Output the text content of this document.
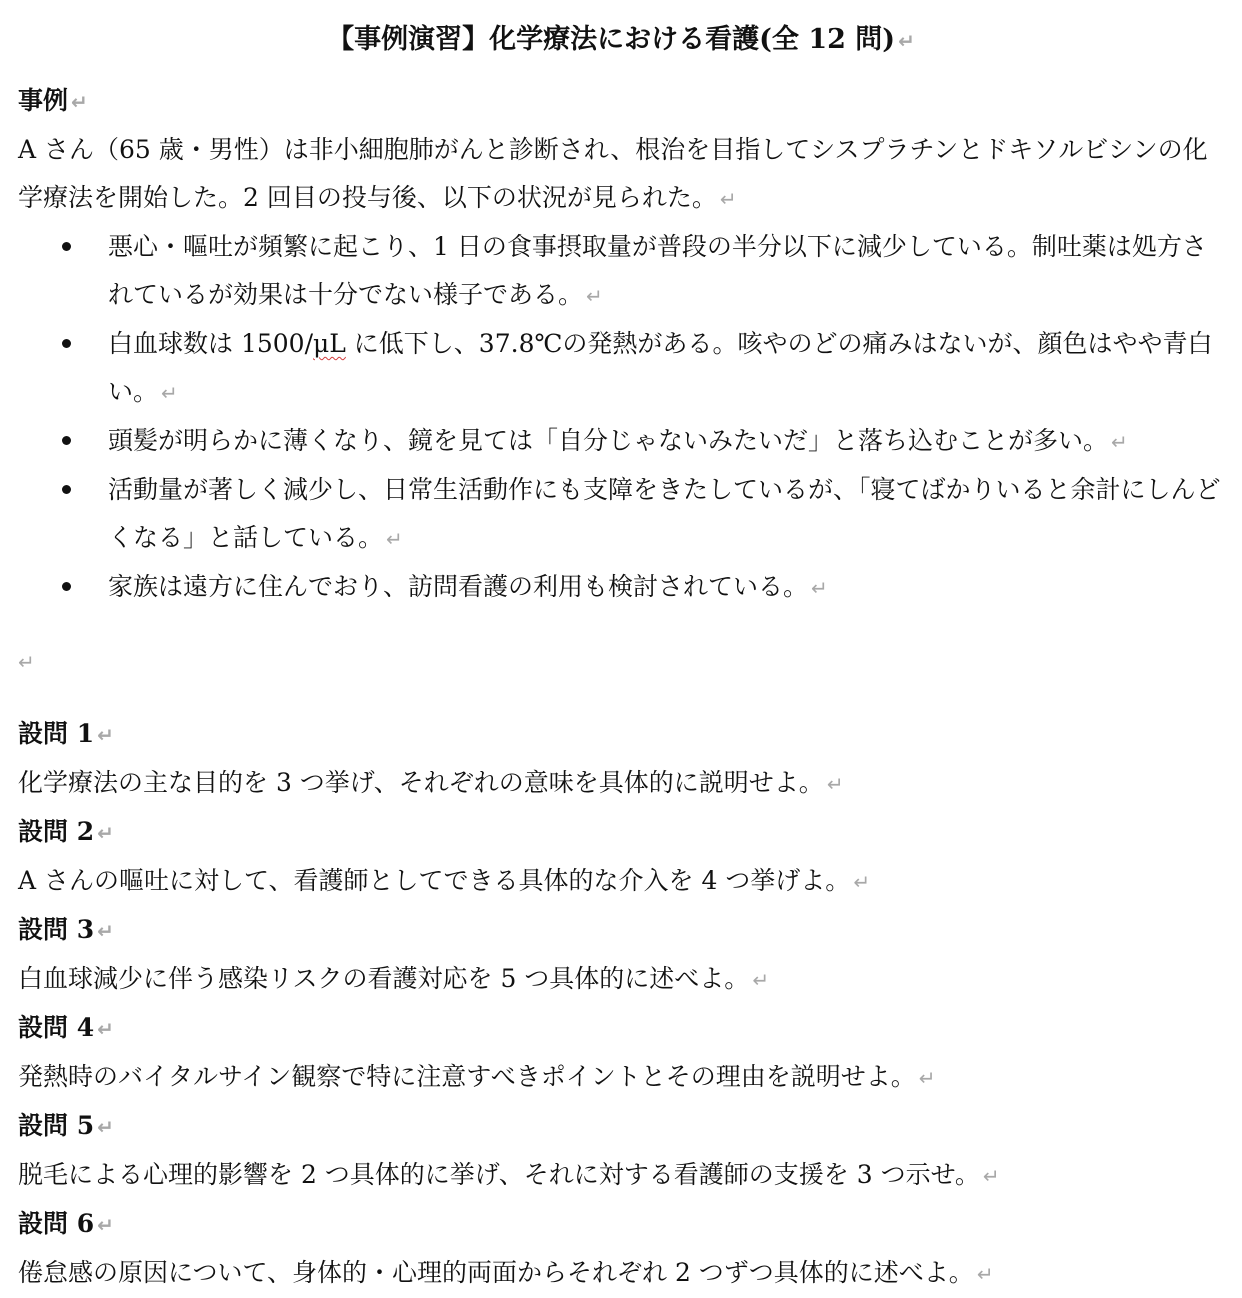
【事例演習】化学療法における看護(全 12 問) ↵

事例 ↵

A さん（65 歳・男性）は非小細胞肺がんと診断され、根治を目指してシスプラチンとドキソルビシンの化学療法を開始した。2 回目の投与後、以下の状況が見られた。 ↵

悪心・嘔吐が頻繁に起こり、1 日の食事摂取量が普段の半分以下に減少している。制吐薬は処方されているが効果は十分でない様子である。 ↵
白血球数は 1500/μL に低下し、37.8℃の発熱がある。咳やのどの痛みはないが、顔色はやや青白い。 ↵
頭髪が明らかに薄くなり、鏡を見ては「自分じゃないみたいだ」と落ち込むことが多い。 ↵
活動量が著しく減少し、日常生活動作にも支障をきたしているが、「寝てばかりいると余計にしんどくなる」と話している。 ↵
家族は遠方に住んでおり、訪問看護の利用も検討されている。 ↵

↵

設問 1 ↵

化学療法の主な目的を 3 つ挙げ、それぞれの意味を具体的に説明せよ。 ↵

設問 2 ↵

A さんの嘔吐に対して、看護師としてできる具体的な介入を 4 つ挙げよ。 ↵

設問 3 ↵

白血球減少に伴う感染リスクの看護対応を 5 つ具体的に述べよ。 ↵

設問 4 ↵

発熱時のバイタルサイン観察で特に注意すべきポイントとその理由を説明せよ。 ↵

設問 5 ↵

脱毛による心理的影響を 2 つ具体的に挙げ、それに対する看護師の支援を 3 つ示せ。 ↵

設問 6 ↵

倦怠感の原因について、身体的・心理的両面からそれぞれ 2 つずつ具体的に述べよ。 ↵
